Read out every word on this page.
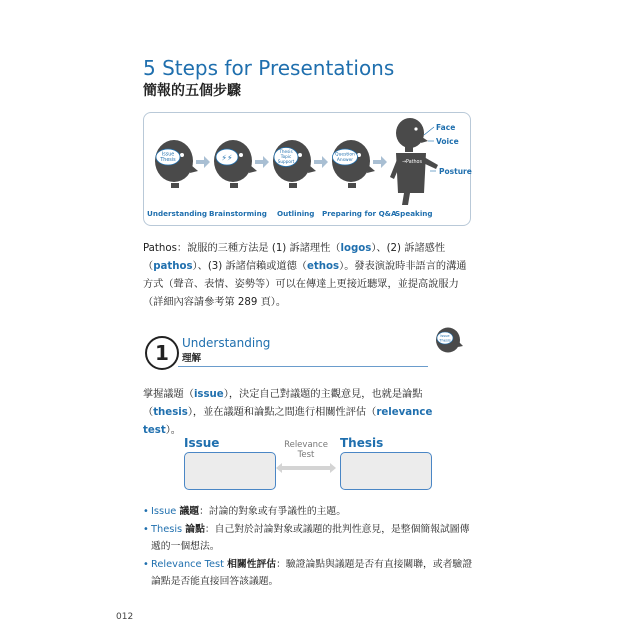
5 Steps for Presentations
簡報的五個步驟
Issue
Thesis	⚡⚡
Thesis
Topic
Support
Question
Answer	→Pathos
Understanding Brainstorming Outlining Preparing for Q&A
Speaking
Face
Voice
Posture
Pathos：說服的三種方法是 (1) 訴諸理性（logos）、(2) 訴諸感性（pathos）、(3) 訴諸信賴或道德（ethos）。發表演說時非語言的溝通方式（聲音、表情、姿勢等）可以在傳達上更接近聽眾，並提高說服力（詳細內容請參考第 289 頁）。
1	Understanding
理解
Issue
Thesis
掌握議題（issue），決定自己對議題的主觀意見，也就是論點（thesis），並在議題和論點之間進行相關性評估（relevance test）。
Issue	Relevance
Test
Thesis
• Issue 議題：討論的對象或有爭議性的主題。
• Thesis 論點：自己對於討論對象或議題的批判性意見，是整個簡報試圖傳遞的一個想法。
• Relevance Test 相關性評估：驗證論點與議題是否有直接關聯，或者驗證論點是否能直接回答該議題。
012
